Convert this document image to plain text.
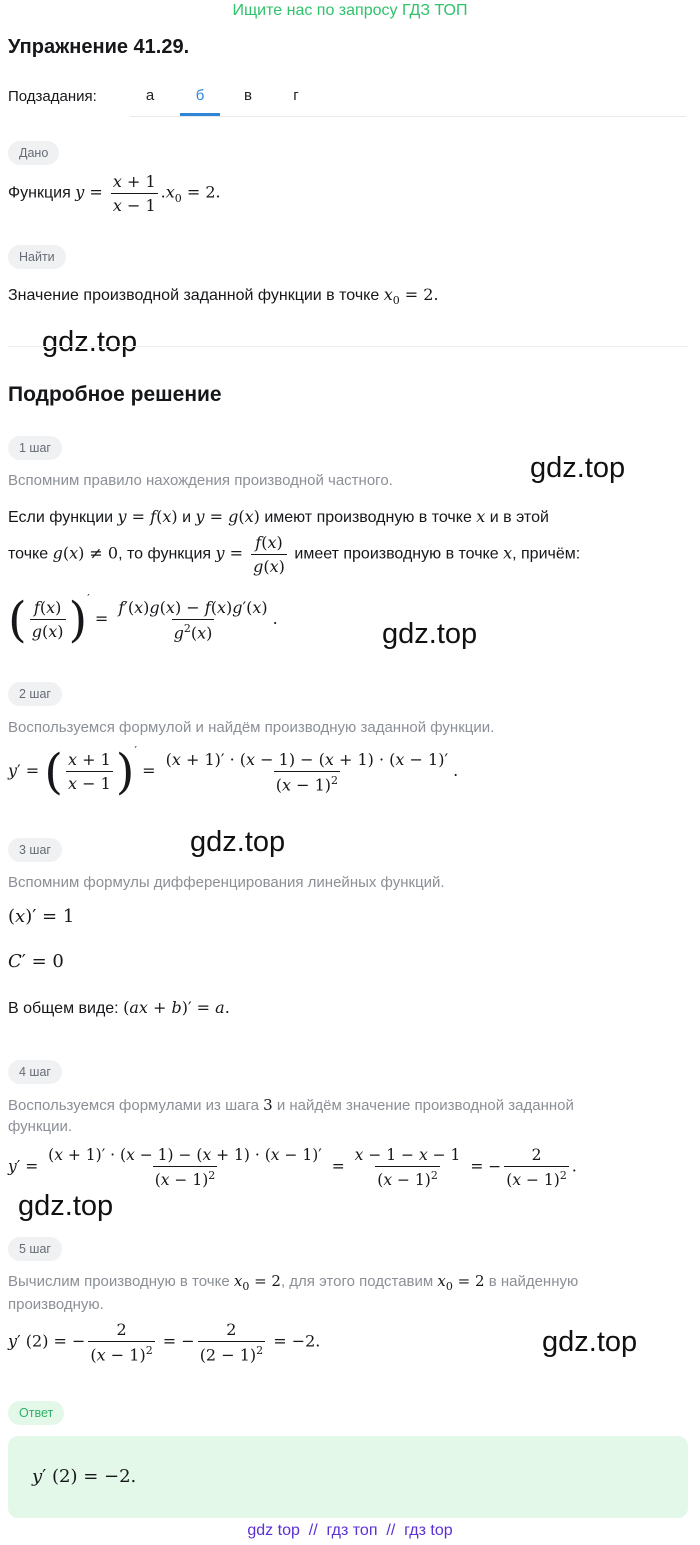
Ищите нас по запросу ГДЗ ТОП
Упражнение 41.29.
Подзадания:	а	б	в	г
Дано
Функция $y = \frac{x + 1}{x - 1} .x_0 = 2$.
Найти
Значение производной заданной функции в точке $x_0 = 2$.
gdz.top
Подробное решение
1 шаг
gdz.top
Вспомним правило нахождения производной частного.
Если функции y = f(x) и y = g(x) имеют производную в точке x и в этой
точке g(x) ≠ 0, то функция $y = \frac{f(x)}{g(x)}$ имеет производную в точке x, причём:
( $\frac{f(x)}{g(x)} )' = \frac{f'(x)g(x) - f(x)g'(x)}{g^2(x)}$ .	gdz.top
2 шаг
Воспользуемся формулой и найдём производную заданной функции.
y′ = ( $\frac{x + 1}{x - 1} )' = \frac{(x + 1)' \cdot (x - 1) - (x + 1) \cdot (x - 1)'}{(x - 1)^2}$ .
gdz.top
3 шаг
Вспомним формулы дифференцирования линейных функций.
(x)′ = 1
C′ = 0
В общем виде: (ax + b)′ = a.
4 шаг
Воспользуемся формулами из шага 3 и найдём значение производной заданной
функции.
$y' = \frac{(x + 1)' \cdot (x - 1) - (x + 1) \cdot (x - 1)'}{(x - 1)^2} = \frac{x - 1 - x - 1}{(x - 1)^2}$ = − $\frac{2}{(x - 1)^2}$ .
gdz.top
5 шаг
Вычислим производную в точке $x_0 = 2$, для этого подставим $x_0 = 2$ в найденную
производную.
y′ (2) = − $\frac{2}{(x - 1)^2}$ = − $\frac{2}{(2 - 1)^2} = -2$.	gdz.top
Ответ
y′ (2) = −2.
gdz top  //  гдз топ  //  гдз top
